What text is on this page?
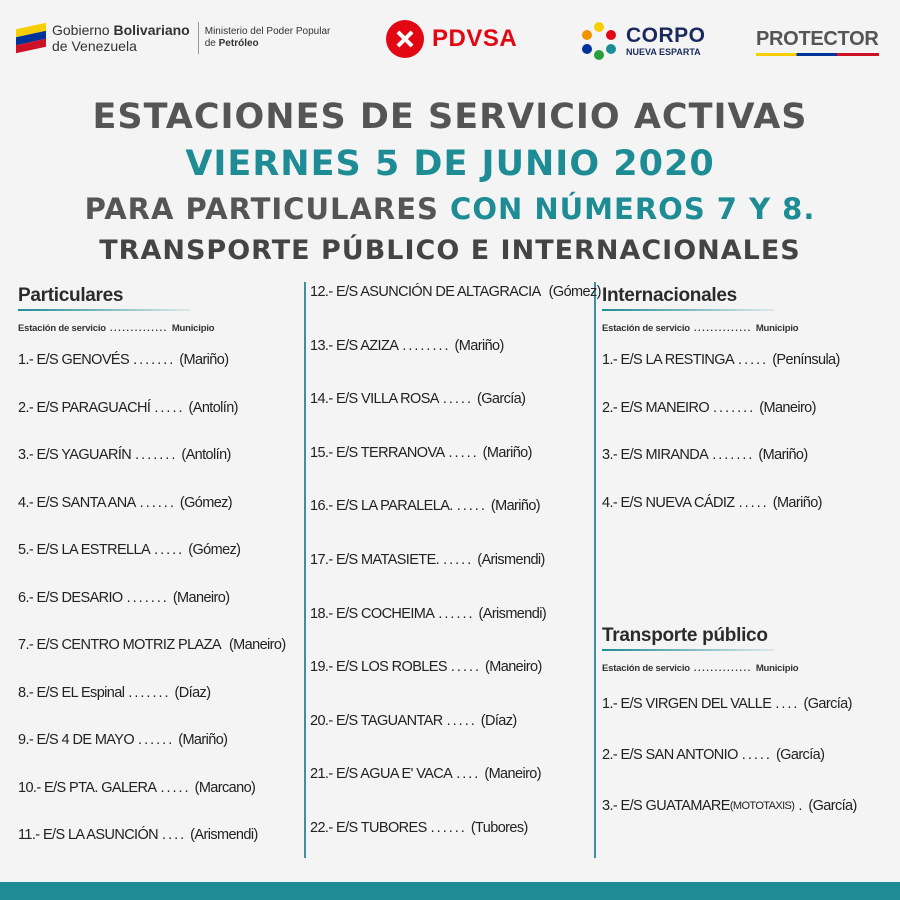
Gobierno Bolivariano
de Venezuela
Ministerio del Poder Popular
de Petróleo	PDVSA	CORPO
NUEVA ESPARTA
PROTECTOR
ESTACIONES DE SERVICIO ACTIVAS
VIERNES 5 DE JUNIO 2020
PARA PARTICULARES CON NÚMEROS 7 Y 8.
TRANSPORTE PÚBLICO E INTERNACIONALES
Particulares
Estación de servicio .............. Municipio
1.- E/S GENOVÉS ....... (Mariño)
2.- E/S PARAGUACHÍ ..... (Antolín)
3.- E/S YAGUARÍN ....... (Antolín)
4.- E/S SANTA ANA ...... (Gómez)
5.- E/S LA ESTRELLA ..... (Gómez)
6.- E/S DESARIO ....... (Maneiro)
7.- E/S CENTRO MOTRIZ PLAZA (Maneiro)
8.- E/S EL Espinal ....... (Díaz)
9.- E/S 4 DE MAYO ...... (Mariño)
10.- E/S PTA. GALERA ..... (Marcano)
11.- E/S LA ASUNCIÓN .... (Arismendi)
12.- E/S ASUNCIÓN DE ALTAGRACIA (Gómez)
13.- E/S AZIZA ........ (Mariño)
14.- E/S VILLA ROSA ..... (García)
15.- E/S TERRANOVA ..... (Mariño)
16.- E/S LA PARALELA. ..... (Mariño)
17.- E/S MATASIETE. ..... (Arismendi)
18.- E/S COCHEIMA ...... (Arismendi)
19.- E/S LOS ROBLES ..... (Maneiro)
20.- E/S TAGUANTAR ..... (Díaz)
21.- E/S AGUA E' VACA .... (Maneiro)
22.- E/S TUBORES ...... (Tubores)
Internacionales
Estación de servicio .............. Municipio
1.- E/S LA RESTINGA ..... (Península)
2.- E/S MANEIRO ....... (Maneiro)
3.- E/S MIRANDA ....... (Mariño)
4.- E/S NUEVA CÁDIZ ..... (Mariño)
Transporte público
Estación de servicio .............. Municipio
1.- E/S VIRGEN DEL VALLE .... (García)
2.- E/S SAN ANTONIO ..... (García)
3.- E/S GUATAMARE (MOTOTAXIS) . (García)
